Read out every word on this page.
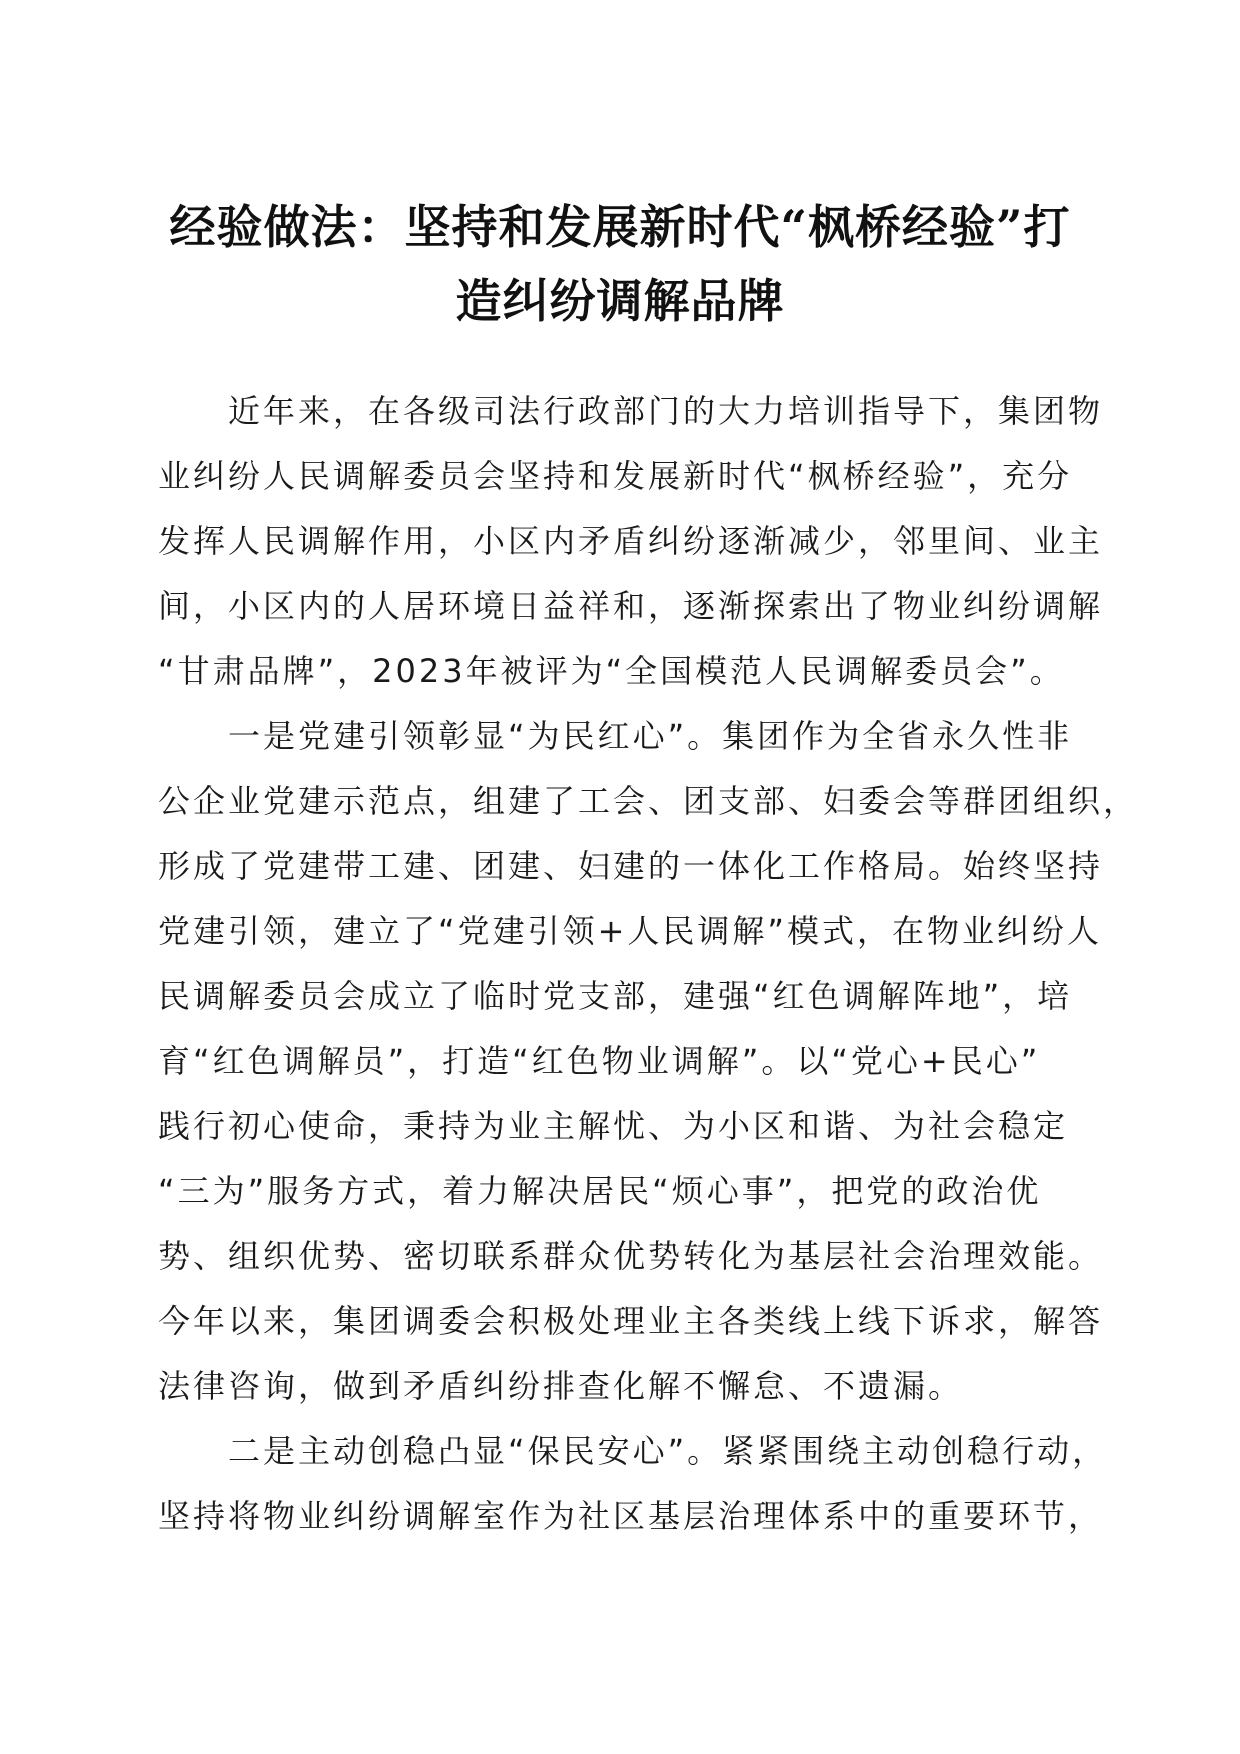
经验做法：坚持和发展新时代“枫桥经验”打
造纠纷调解品牌
　　近年来，在各级司法行政部门的大力培训指导下，集团物
业纠纷人民调解委员会坚持和发展新时代“枫桥经验”，充分
发挥人民调解作用，小区内矛盾纠纷逐渐减少，邻里间、业主
间，小区内的人居环境日益祥和，逐渐探索出了物业纠纷调解
“甘肃品牌”，2023年被评为“全国模范人民调解委员会”。
　　一是党建引领彰显“为民红心”。集团作为全省永久性非
公企业党建示范点，组建了工会、团支部、妇委会等群团组织，
形成了党建带工建、团建、妇建的一体化工作格局。始终坚持
党建引领，建立了“党建引领+人民调解”模式，在物业纠纷人
民调解委员会成立了临时党支部，建强“红色调解阵地”，培
育“红色调解员”，打造“红色物业调解”。以“党心+民心”
践行初心使命，秉持为业主解忧、为小区和谐、为社会稳定
“三为”服务方式，着力解决居民“烦心事”，把党的政治优
势、组织优势、密切联系群众优势转化为基层社会治理效能。
今年以来，集团调委会积极处理业主各类线上线下诉求，解答
法律咨询，做到矛盾纠纷排查化解不懈怠、不遗漏。
　　二是主动创稳凸显“保民安心”。紧紧围绕主动创稳行动，
坚持将物业纠纷调解室作为社区基层治理体系中的重要环节，
